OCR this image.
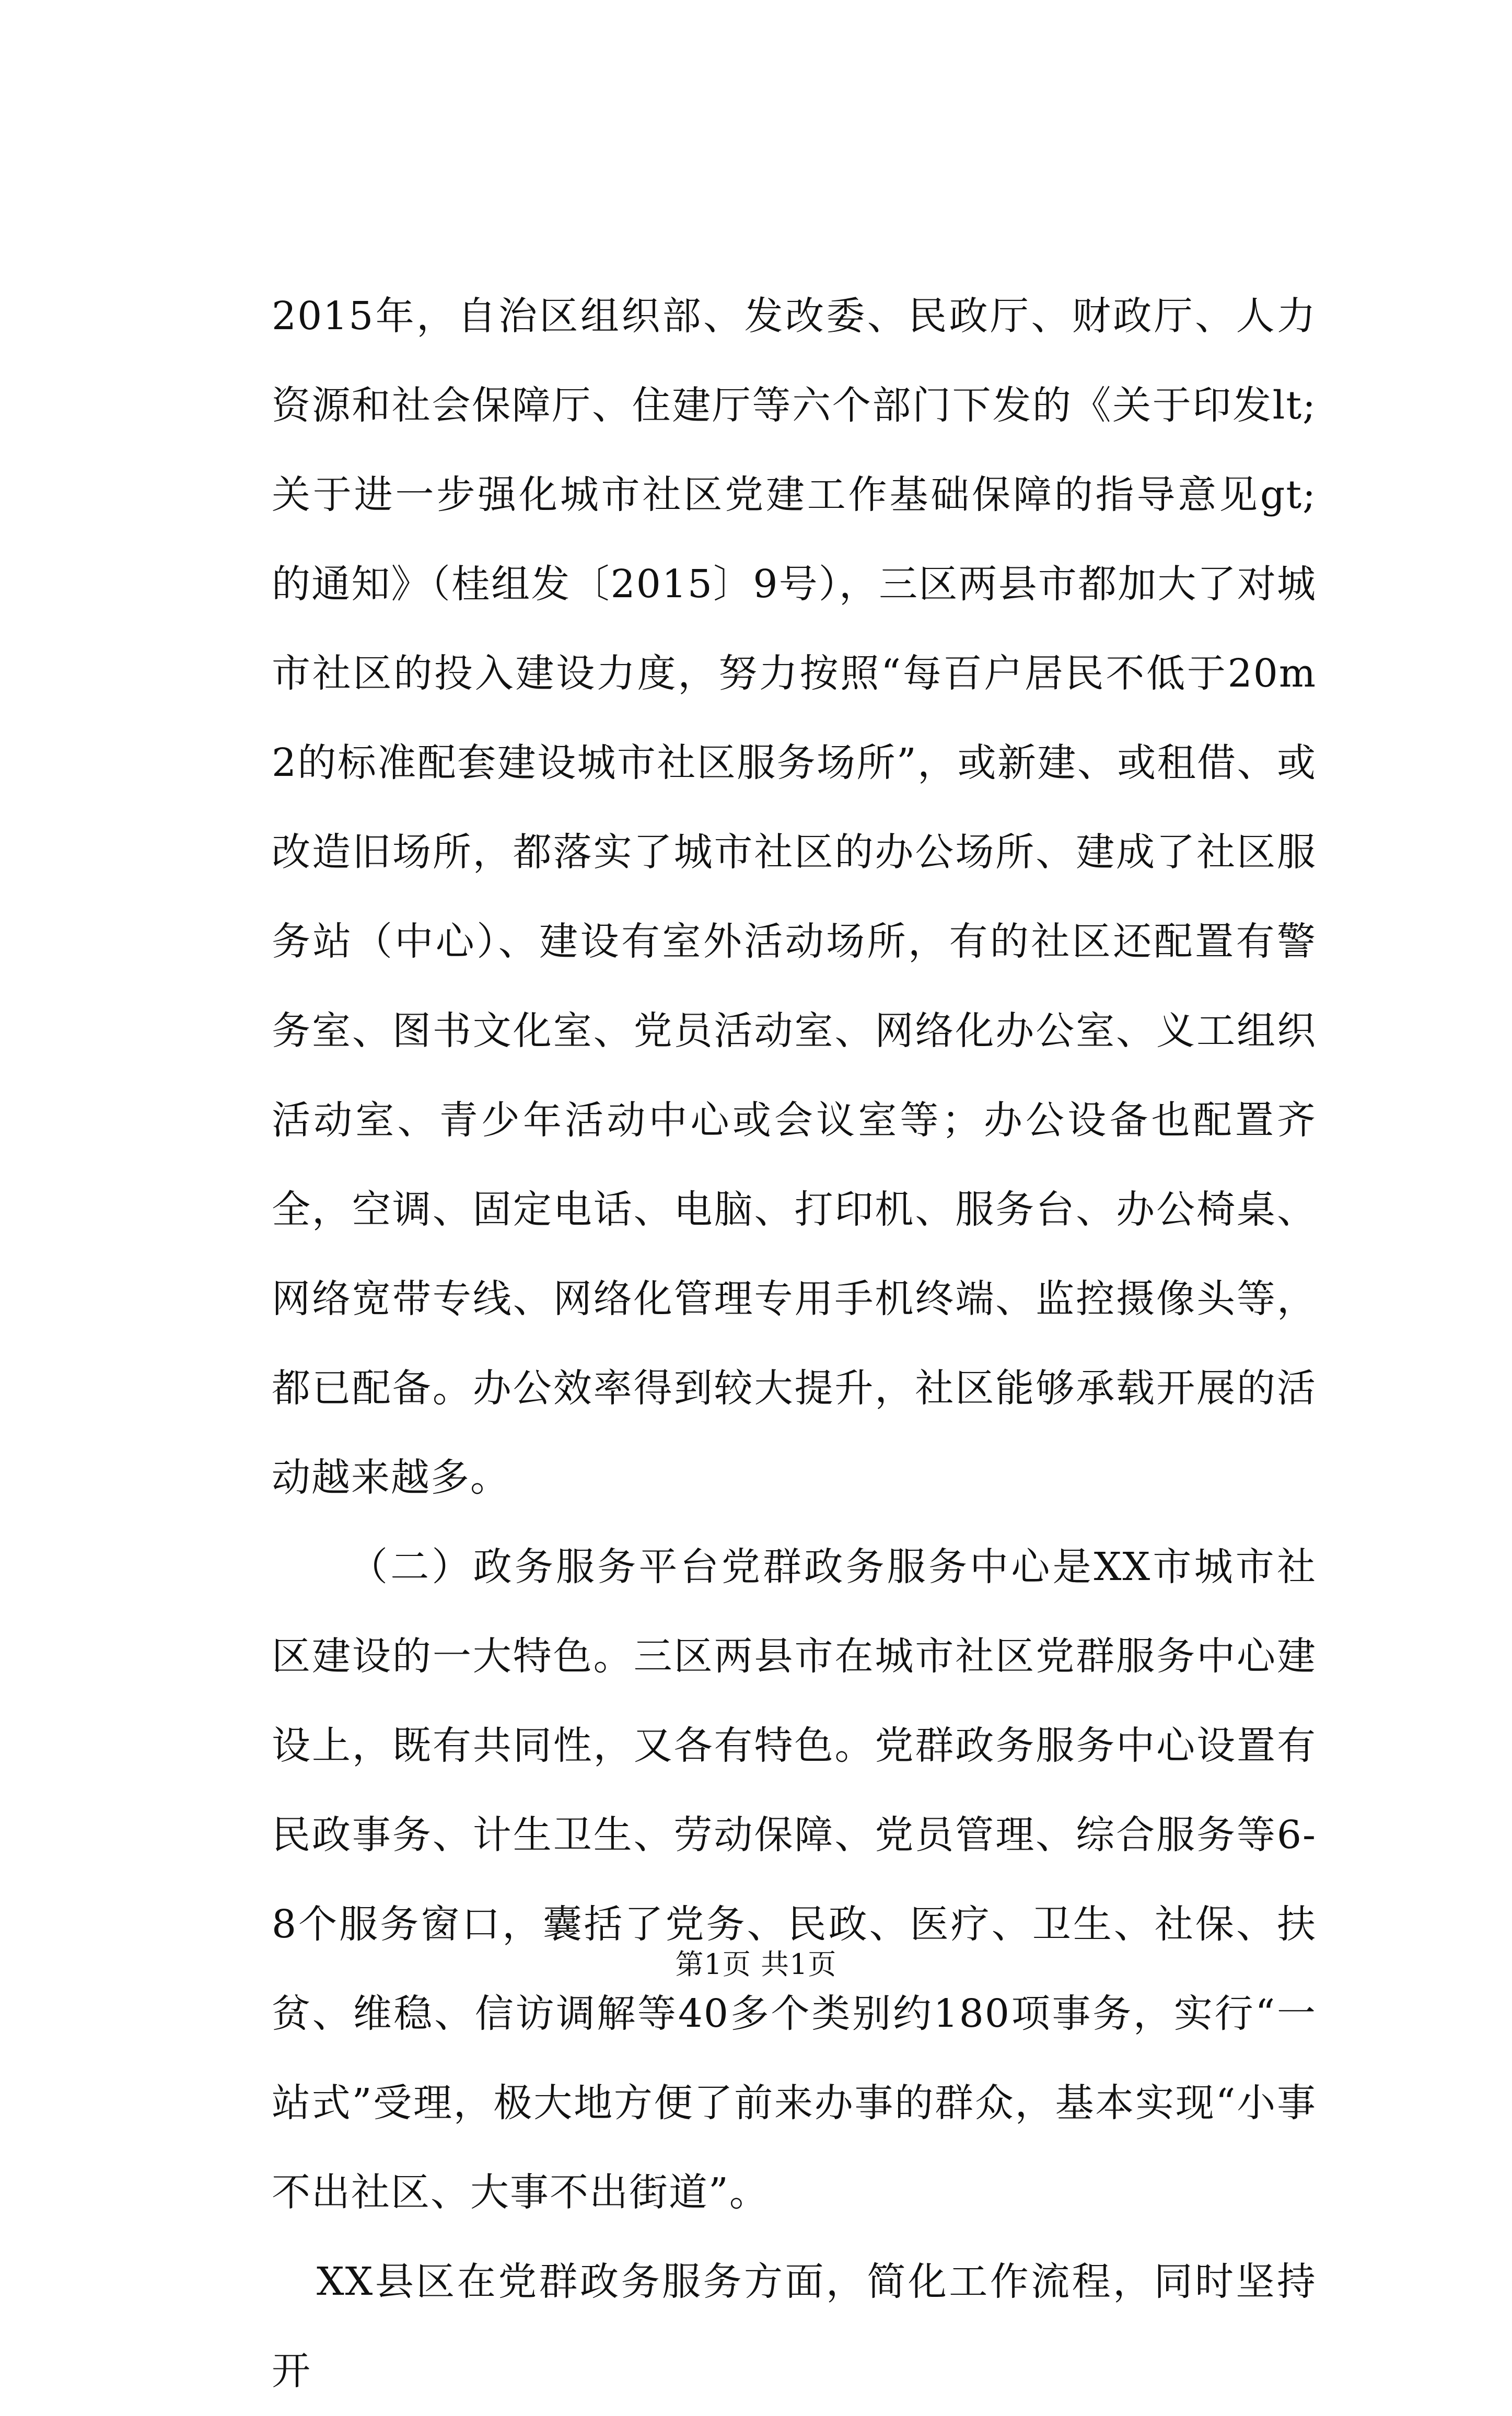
2015年，自治区组织部、发改委、民政厅、财政厅、人力资源和社会保障厅、住建厅等六个部门下发的《关于印发lt;关于进一步强化城市社区党建工作基础保障的指导意见gt;的通知》（桂组发〔2015〕9号），三区两县市都加大了对城市社区的投入建设力度，努力按照“每百户居民不低于20m2的标准配套建设城市社区服务场所”，或新建、或租借、或改造旧场所，都落实了城市社区的办公场所、建成了社区服务站（中心）、建设有室外活动场所，有的社区还配置有警务室、图书文化室、党员活动室、网络化办公室、义工组织活动室、青少年活动中心或会议室等；办公设备也配置齐全，空调、固定电话、电脑、打印机、服务台、办公椅桌、网络宽带专线、网络化管理专用手机终端、监控摄像头等，都已配备。办公效率得到较大提升，社区能够承载开展的活动越来越多。

（二）政务服务平台党群政务服务中心是XX市城市社区建设的一大特色。三区两县市在城市社区党群服务中心建设上，既有共同性，又各有特色。党群政务服务中心设置有民政事务、计生卫生、劳动保障、党员管理、综合服务等6-8个服务窗口，囊括了党务、民政、医疗、卫生、社保、扶贫、维稳、信访调解等40多个类别约180项事务，实行“一站式”受理，极大地方便了前来办事的群众，基本实现“小事不出社区、大事不出街道”。

XX县区在党群政务服务方面，简化工作流程，同时坚持开

第1页 共1页
